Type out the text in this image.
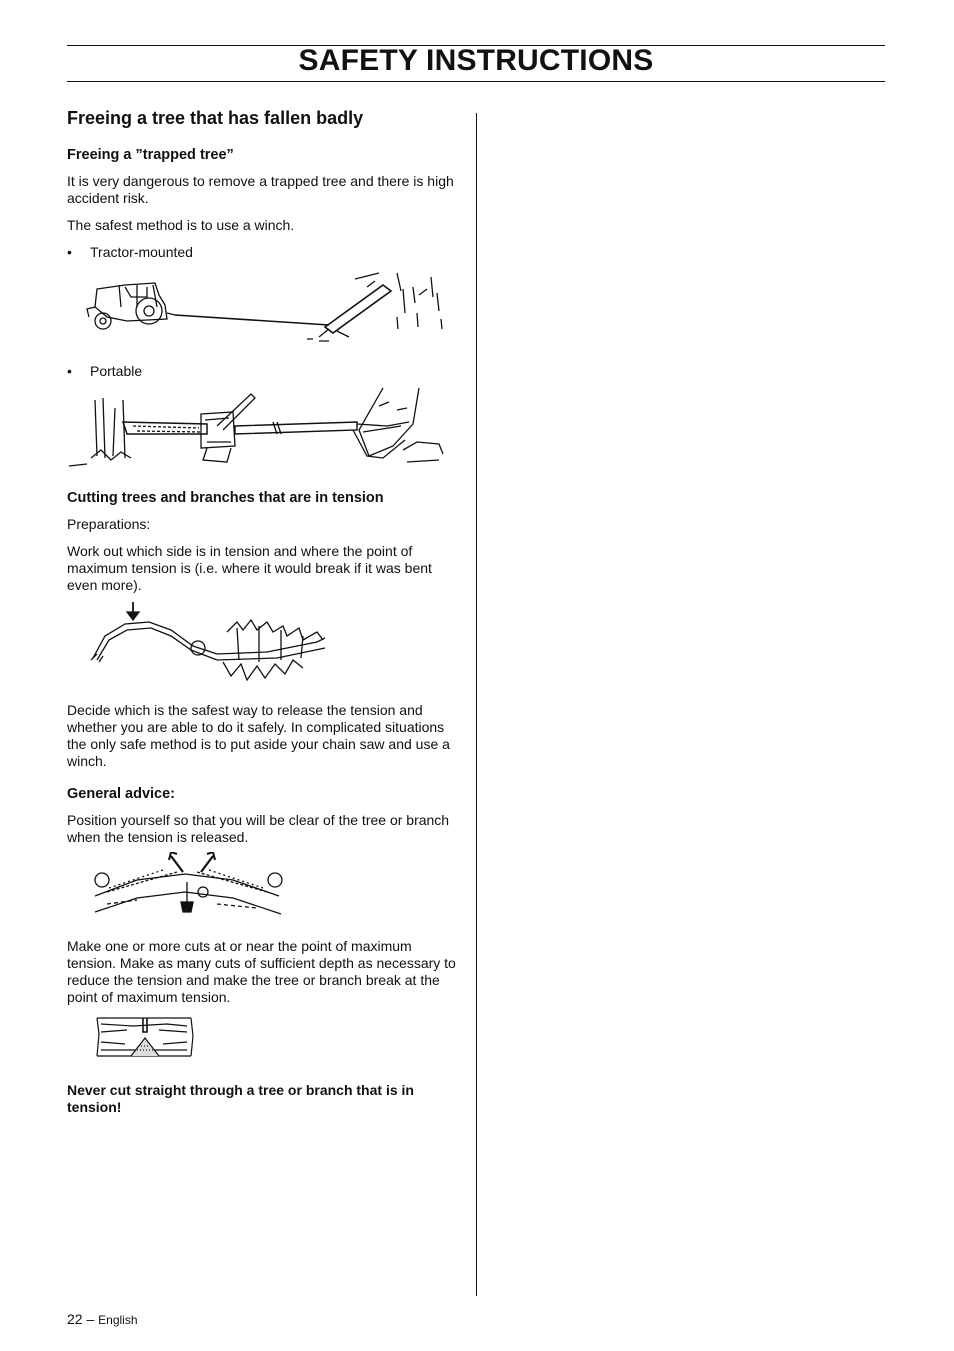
SAFETY INSTRUCTIONS
Freeing a tree that has fallen badly
Freeing a ”trapped tree”

It is very dangerous to remove a trapped tree and there is high accident risk.

The safest method is to use a winch.

•	Tractor-mounted
•	Portable
Cutting trees and branches that are in tension

Preparations:

Work out which side is in tension and where the point of maximum tension is (i.e. where it would break if it was bent even more).

Decide which is the safest way to release the tension and whether you are able to do it safely. In complicated situations the only safe method is to put aside your chain saw and use a winch.

General advice:

Position yourself so that you will be clear of the tree or branch when the tension is released.

Make one or more cuts at or near the point of maximum tension. Make as many cuts of sufficient depth as necessary to reduce the tension and make the tree or branch break at the point of maximum tension.

Never cut straight through a tree or branch that is in tension!

22 – English
